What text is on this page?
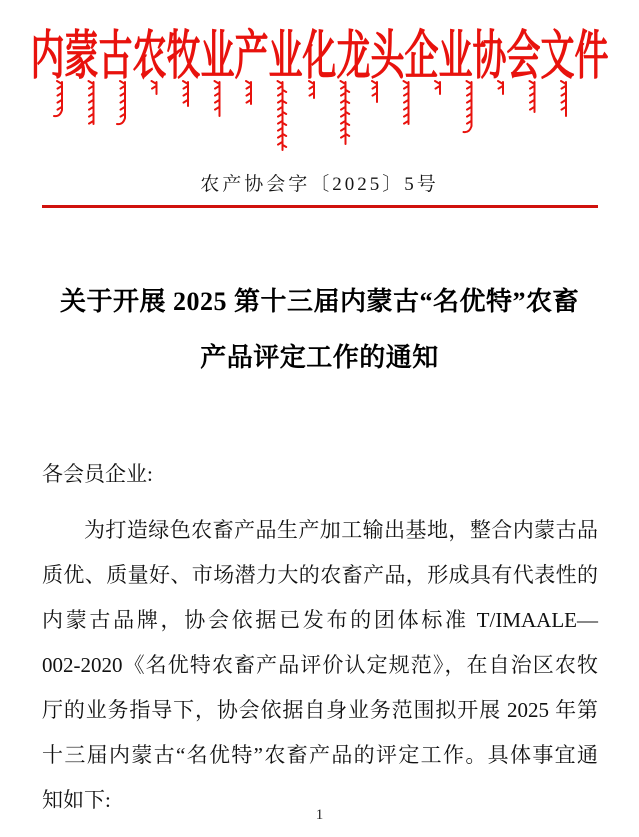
内蒙古农牧业产业化龙头企业协会文件
农产协会字〔2025〕5号
关于开展 2025 第十三届内蒙古“名优特”农畜
产品评定工作的通知
各会员企业:
为打造绿色农畜产品生产加工输出基地，整合内蒙古品
质优、质量好、市场潜力大的农畜产品，形成具有代表性的
内蒙古品牌，协会依据已发布的团体标准 T/IMAALE—
002-2020《名优特农畜产品评价认定规范》，在自治区农牧
厅的业务指导下，协会依据自身业务范围拟开展 2025 年第
十三届内蒙古“名优特”农畜产品的评定工作。具体事宜通
知如下:
1
